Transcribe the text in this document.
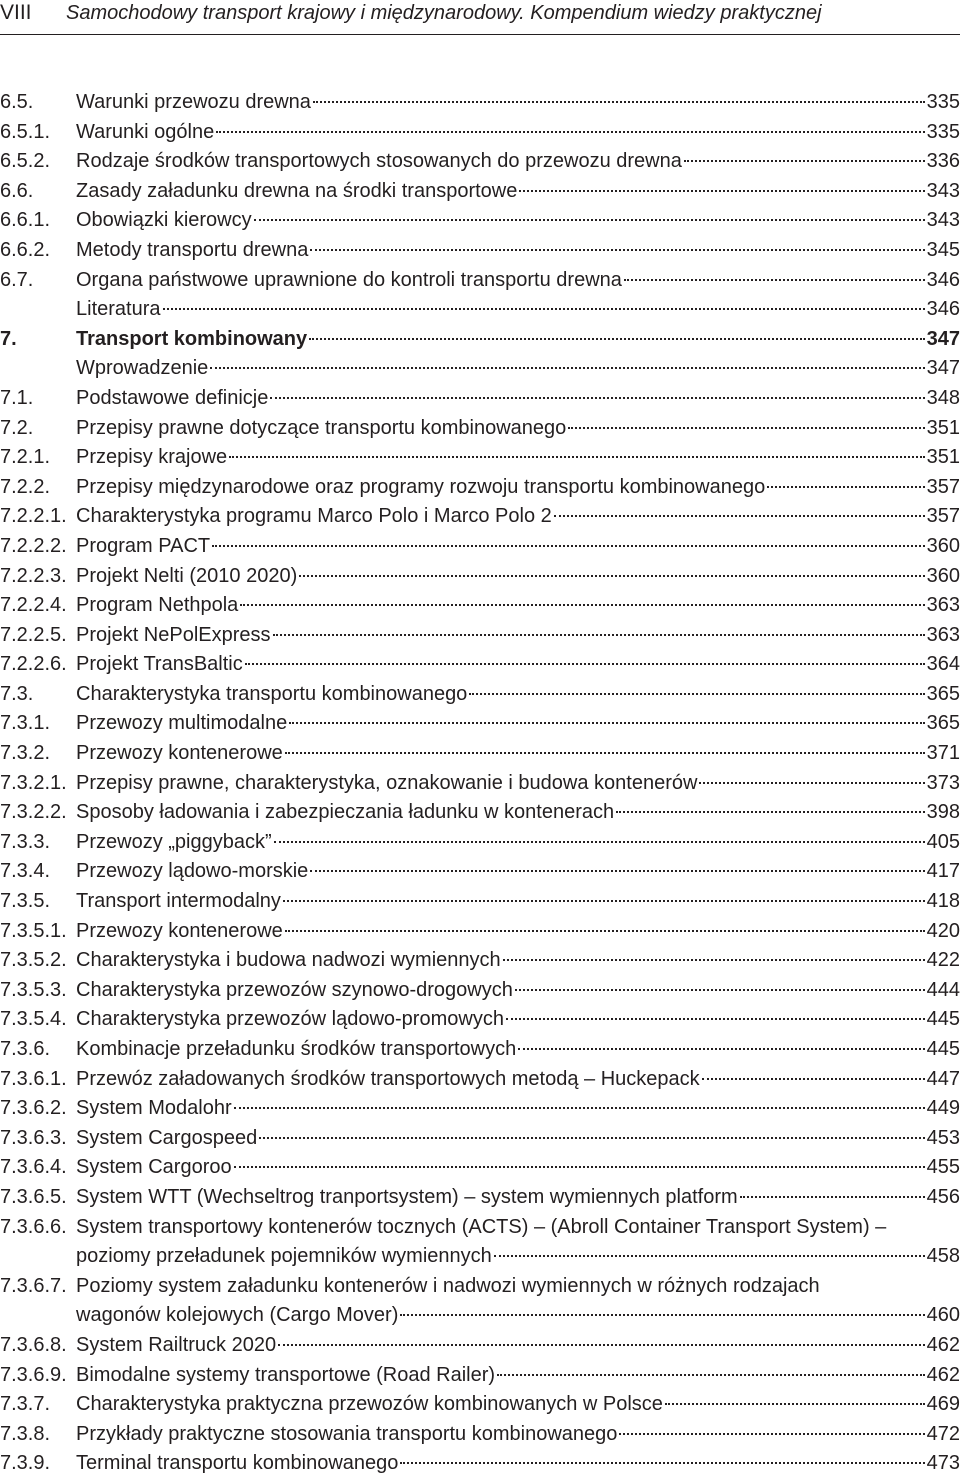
VIII Samochodowy transport krajowy i międzynarodowy. Kompendium wiedzy praktycznej
6.5. Warunki przewozu drewna	335
6.5.1. Warunki ogólne	335
6.5.2. Rodzaje środków transportowych stosowanych do przewozu drewna	336
6.6. Zasady załadunku drewna na środki transportowe	343
6.6.1. Obowiązki kierowcy	343
6.6.2. Metody transportu drewna	345
6.7. Organa państwowe uprawnione do kontroli transportu drewna	346
Literatura	346
7.	Transport kombinowany	347
Wprowadzenie	347
7.1. Podstawowe definicje	348
7.2. Przepisy prawne dotyczące transportu kombinowanego	351
7.2.1. Przepisy krajowe	351
7.2.2. Przepisy międzynarodowe oraz programy rozwoju transportu kombinowanego	357
7.2.2.1. Charakterystyka programu Marco Polo i Marco Polo 2	357
7.2.2.2. Program PACT	360
7.2.2.3. Projekt Nelti (2010 2020)	360
7.2.2.4. Program Nethpola	363
7.2.2.5. Projekt NePolExpress	363
7.2.2.6. Projekt TransBaltic	364
7.3. Charakterystyka transportu kombinowanego	365
7.3.1. Przewozy multimodalne	365
7.3.2. Przewozy kontenerowe	371
7.3.2.1. Przepisy prawne, charakterystyka, oznakowanie i budowa kontenerów	373
7.3.2.2. Sposoby ładowania i zabezpieczania ładunku w kontenerach	398
7.3.3. Przewozy „piggyback”	405
7.3.4. Przewozy lądowo-morskie	417
7.3.5. Transport intermodalny	418
7.3.5.1. Przewozy kontenerowe	420
7.3.5.2. Charakterystyka i budowa nadwozi wymiennych	422
7.3.5.3. Charakterystyka przewozów szynowo-drogowych	444
7.3.5.4. Charakterystyka przewozów lądowo-promowych	445
7.3.6. Kombinacje przeładunku środków transportowych	445
7.3.6.1. Przewóz załadowanych środków transportowych metodą – Huckepack	447
7.3.6.2. System Modalohr	449
7.3.6.3. System Cargospeed	453
7.3.6.4. System Cargoroo	455
7.3.6.5. System WTT (Wechseltrog tranportsystem) – system wymiennych platform	456
7.3.6.6. System transportowy kontenerów tocznych (ACTS) – (Abroll Container Transport System) –
poziomy przeładunek pojemników wymiennych	458
7.3.6.7. Poziomy system załadunku kontenerów i nadwozi wymiennych w różnych rodzajach
wagonów kolejowych (Cargo Mover)	460
7.3.6.8. System Railtruck 2020	462
7.3.6.9. Bimodalne systemy transportowe (Road Railer)	462
7.3.7. Charakterystyka praktyczna przewozów kombinowanych w Polsce	469
7.3.8. Przykłady praktyczne stosowania transportu kombinowanego	472
7.3.9. Terminal transportu kombinowanego	473
